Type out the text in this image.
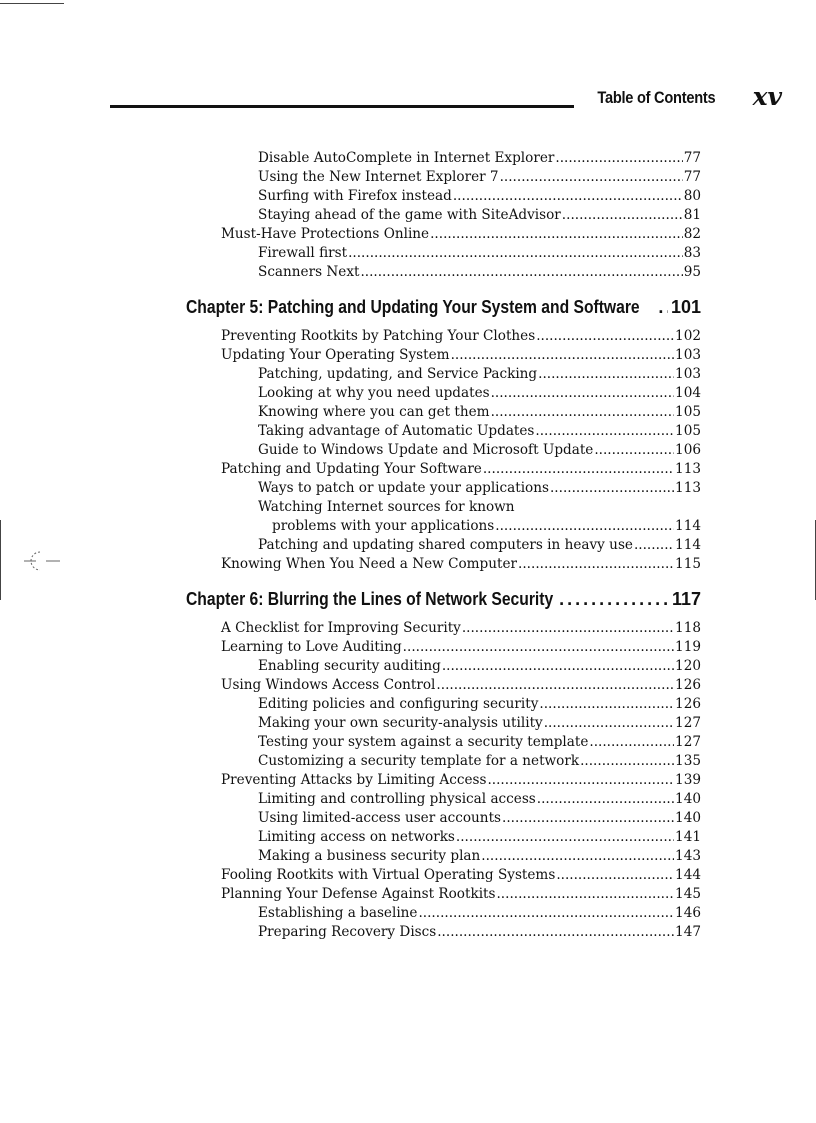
Table of Contents	xv
Disable AutoComplete in Internet Explorer .....	77
Using the New Internet Explorer 7 .....	77
Surfing with Firefox instead .....	80
Staying ahead of the game with SiteAdvisor .....	81
Must-Have Protections Online .....	82
Firewall first .....	83
Scanners Next .....	95
Chapter 5: Patching and Updating Your System and Software ..... 101
Preventing Rootkits by Patching Your Clothes .....	102
Updating Your Operating System .....	103
Patching, updating, and Service Packing .....	103
Looking at why you need updates .....	104
Knowing where you can get them .....	105
Taking advantage of Automatic Updates .....	105
Guide to Windows Update and Microsoft Update .....	106
Patching and Updating Your Software .....	113
Ways to patch or update your applications .....	113
Watching Internet sources for known
problems with your applications .....	114
Patching and updating shared computers in heavy use .....	114
Knowing When You Need a New Computer .....	115
Chapter 6: Blurring the Lines of Network Security .....	117
A Checklist for Improving Security .....	118
Learning to Love Auditing .....	119
Enabling security auditing .....	120
Using Windows Access Control .....	126
Editing policies and configuring security .....	126
Making your own security-analysis utility .....	127
Testing your system against a security template .....	127
Customizing a security template for a network .....	135
Preventing Attacks by Limiting Access .....	139
Limiting and controlling physical access .....	140
Using limited-access user accounts .....	140
Limiting access on networks .....	141
Making a business security plan .....	143
Fooling Rootkits with Virtual Operating Systems .....	144
Planning Your Defense Against Rootkits .....	145
Establishing a baseline .....	146
Preparing Recovery Discs .....	147
